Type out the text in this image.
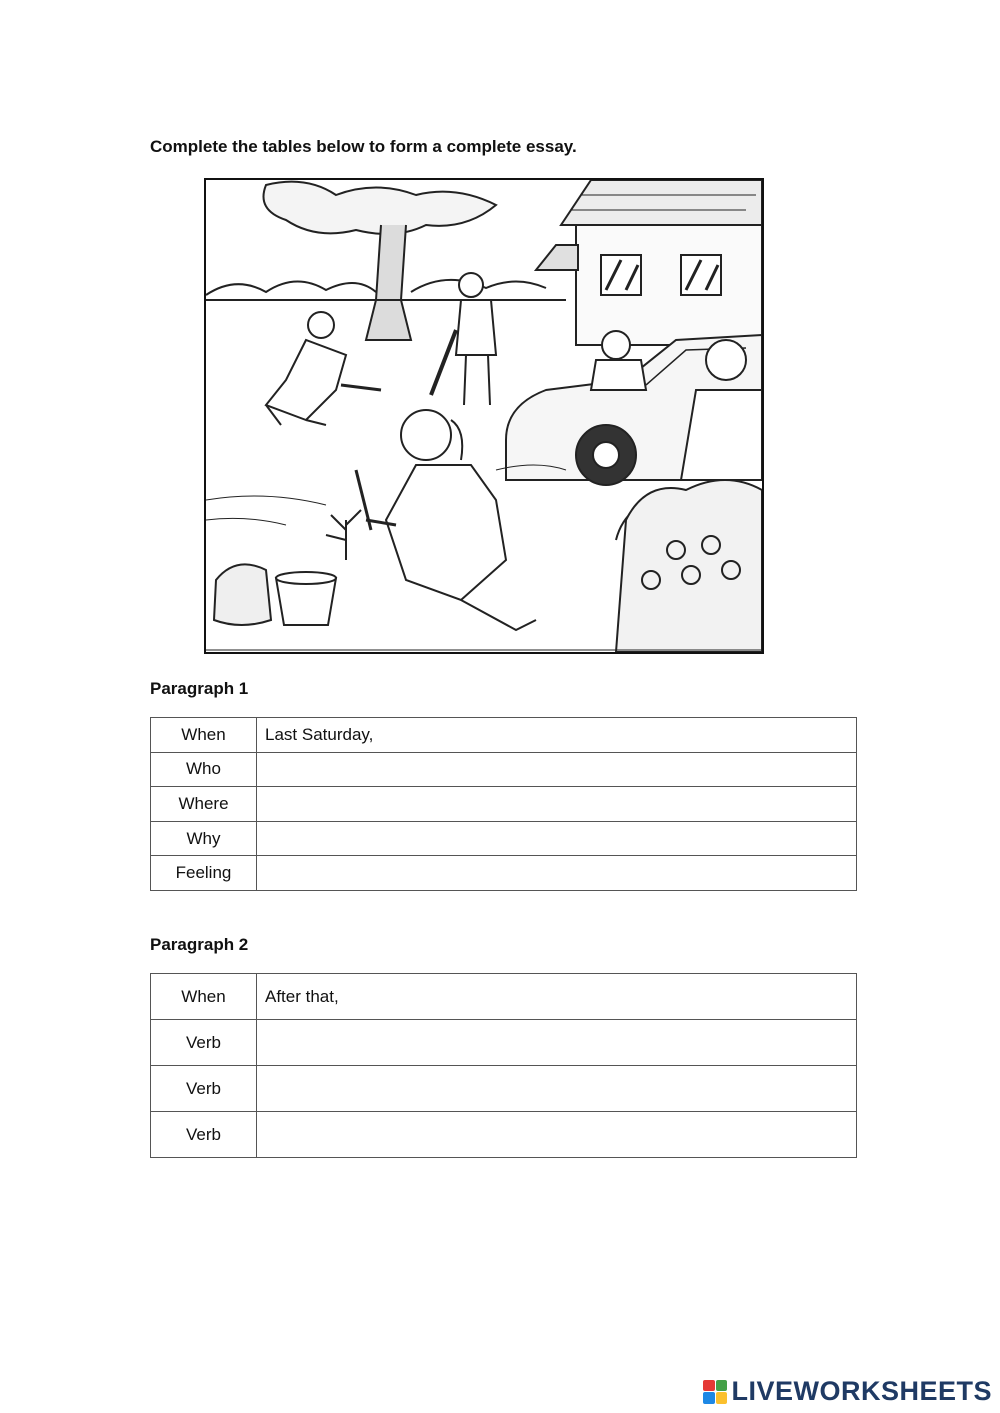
Complete the tables below to form a complete essay.

Paragraph 1

When	Last Saturday,
Who	
Where	
Why	
Feeling	

Paragraph 2

When	After that,
Verb	
Verb	
Verb	
LIVEWORKSHEETS
